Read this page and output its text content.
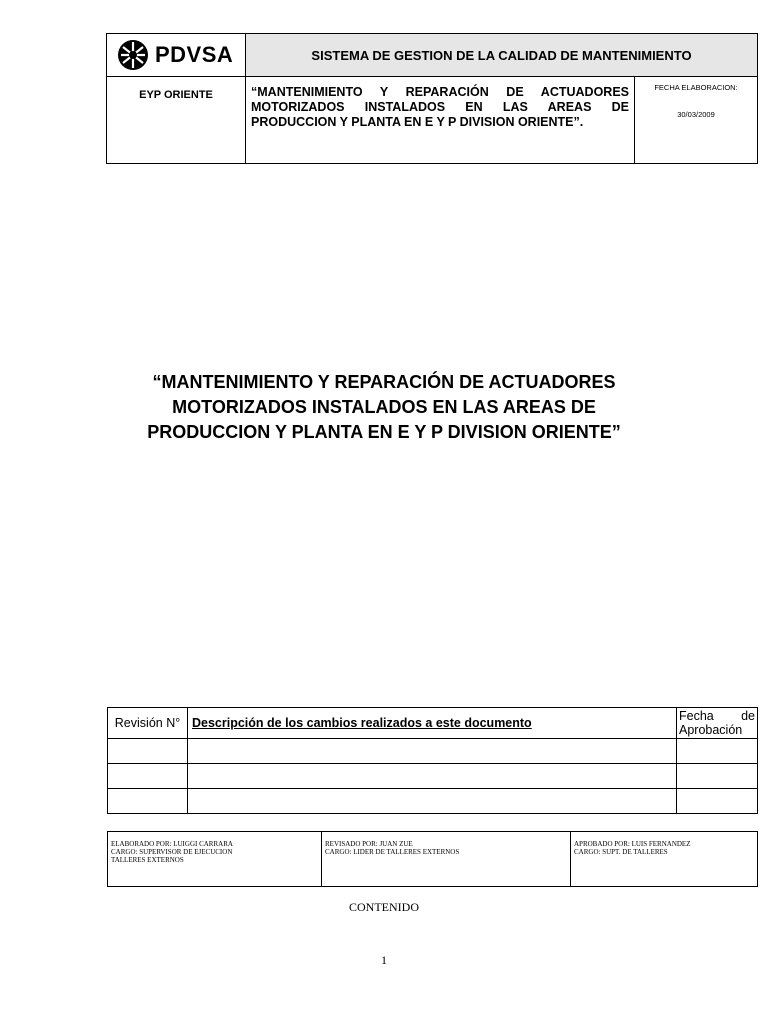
PDVSA	SISTEMA DE GESTION DE LA CALIDAD DE MANTENIMIENTO	
EYP ORIENTE	“MANTENIMIENTO Y REPARACIÓN DE ACTUADORES MOTORIZADOS INSTALADOS EN LAS AREAS DE PRODUCCION Y PLANTA EN E Y P DIVISION ORIENTE”.	FECHA ELABORACION:
30/03/2009
“MANTENIMIENTO Y REPARACIÓN DE ACTUADORES
MOTORIZADOS INSTALADOS EN LAS AREAS DE
PRODUCCION Y PLANTA EN E Y P DIVISION ORIENTE”
Revisión N°	Descripción de los cambios realizados a este documento	Fecha de Aprobación

ELABORADO POR: LUIGGI CARRARA
CARGO: SUPERVISOR DE EJECUCION
TALLERES EXTERNOS

REVISADO POR: JUAN ZUE
CARGO: LIDER DE TALLERES EXTERNOS

APROBADO POR: LUIS FERNANDEZ
CARGO: SUPT. DE TALLERES
CONTENIDO
1
